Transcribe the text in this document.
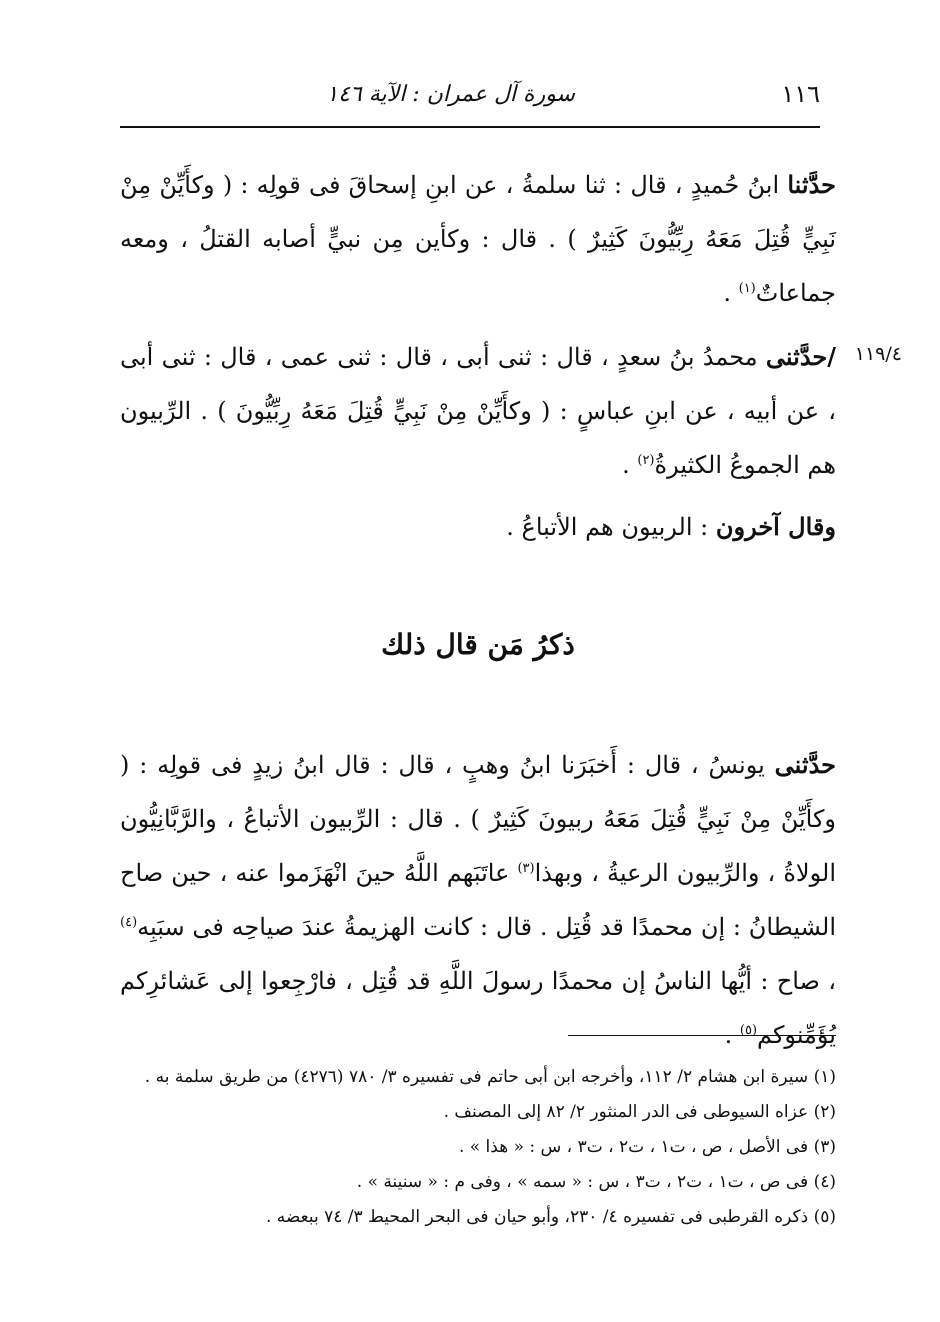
١١٦
سورة آل عمران : الآية ١٤٦

حدَّثنا ابنُ حُميدٍ ، قال : ثنا سلمةُ ، عن ابنِ إسحاقَ فى قولِه : ( وكأَيِّنْ مِنْ نَبِيٍّ قُتِلَ مَعَهُ رِبِّيُّونَ كَثِيرٌ ) . قال : وكأين مِن نبيٍّ أصابه القتلُ ، ومعه جماعاتٌ$^{(١)}$ .

١١٩/٤

/حدَّثنى محمدُ بنُ سعدٍ ، قال : ثنى أبى ، قال : ثنى عمى ، قال : ثنى أبى ، عن أبيه ، عن ابنِ عباسٍ : ( وكأَيِّنْ مِنْ نَبِيٍّ قُتِلَ مَعَهُ رِبِّيُّونَ ) . الرِّبيون هم الجموعُ الكثيرةُ$^{(٢)}$ .

وقال آخرون : الربيون هم الأتباعُ .

ذكرُ مَن قال ذلك

حدَّثنى يونسُ ، قال : أَخبَرَنا ابنُ وهبٍ ، قال : قال ابنُ زيدٍ فى قولِه : ( وكأَيِّنْ مِنْ نَبِيٍّ قُتِلَ مَعَهُ ربيونَ كَثِيرٌ ) . قال : الرِّبيون الأتباعُ ، والرَّبَّانِيُّون الولاةُ ، والرِّبيون الرعيةُ ، وبهذا$^{(٣)}$ عاتَبَهم اللَّهُ حينَ انْهَزَموا عنه ، حين صاح الشيطانُ : إن محمدًا قد قُتِل . قال : كانت الهزيمةُ عندَ صياحِه فى سبَبِه$^{(٤)}$ ، صاح : أيُّها الناسُ إن محمدًا رسولَ اللَّهِ قد قُتِل ، فارْجِعوا إلى عَشائرِكم يُؤَمِّنوكم$^{(٥)}$ .

(١) سيرة ابن هشام ٢/ ١١٢، وأخرجه ابن أبى حاتم فى تفسيره ٣/ ٧٨٠ (٤٢٧٦) من طريق سلمة به .
(٢) عزاه السيوطى فى الدر المنثور ٢/ ٨٢ إلى المصنف .
(٣) فى الأصل ، ص ، ت١ ، ت٢ ، ت٣ ، س : « هذا » .
(٤) فى ص ، ت١ ، ت٢ ، ت٣ ، س : « سمه » ، وفى م : « سنينة » .
(٥) ذكره القرطبى فى تفسيره ٤/ ٢٣٠، وأبو حيان فى البحر المحيط ٣/ ٧٤ ببعضه .
